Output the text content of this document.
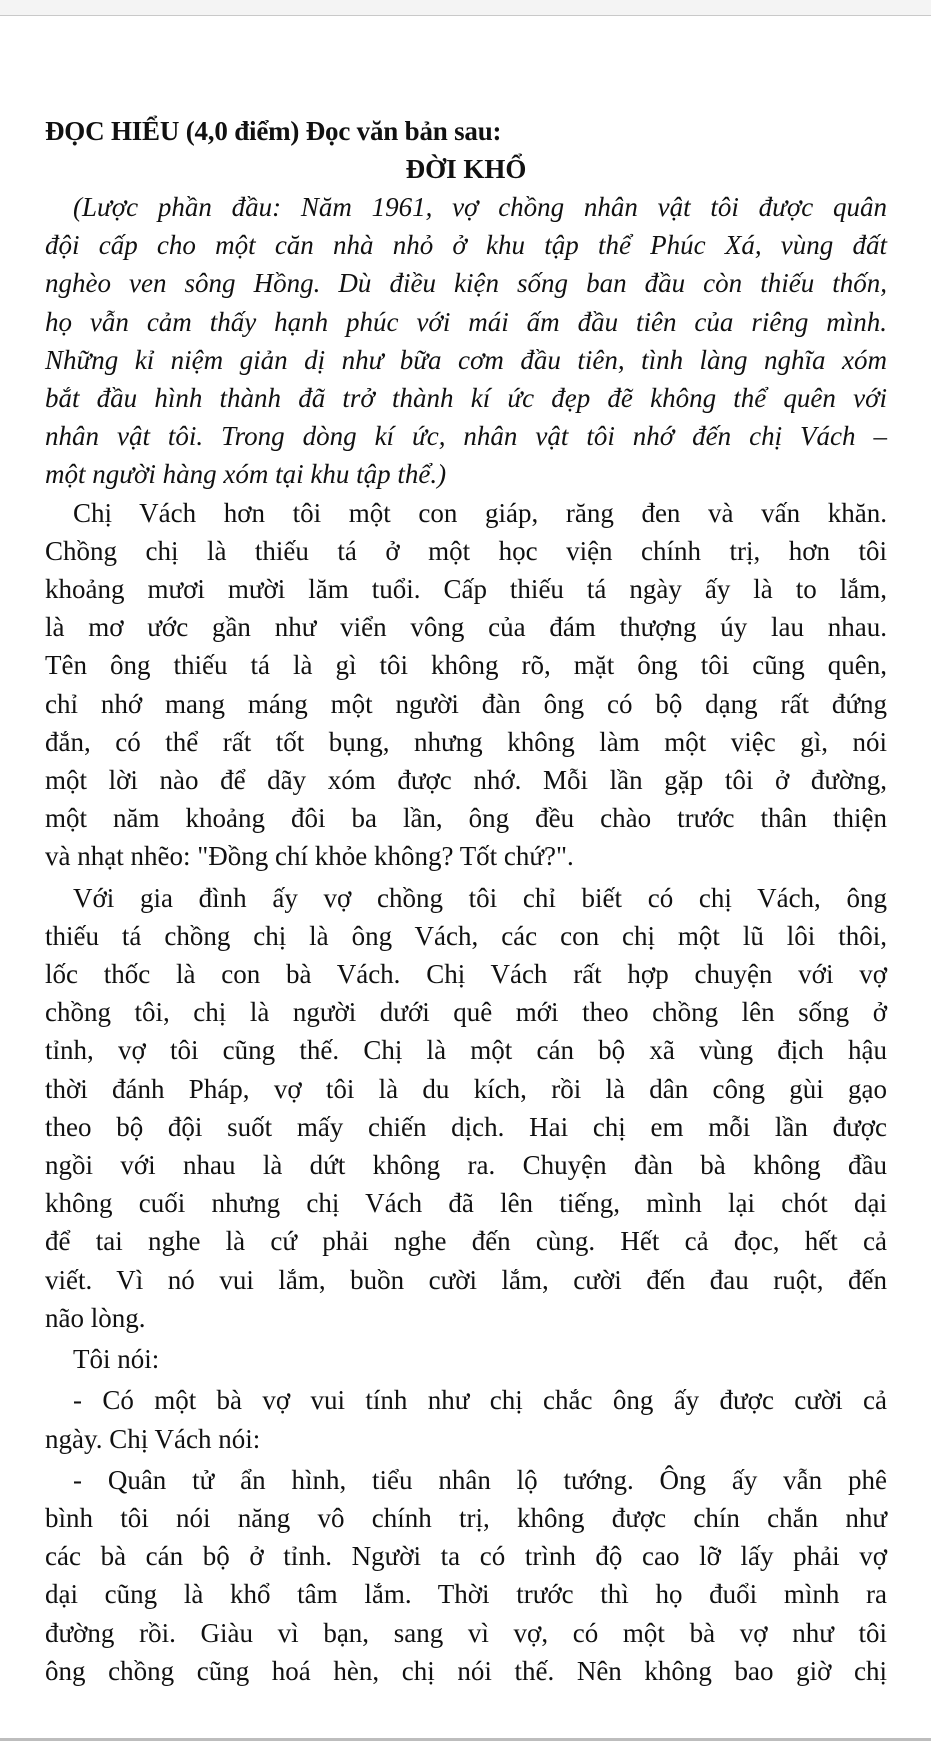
ĐỌC HIỂU (4,0 điểm) Đọc văn bản sau:
ĐỜI KHỔ
(Lược phần đầu: Năm 1961, vợ chồng nhân vật tôi được quân
đội cấp cho một căn nhà nhỏ ở khu tập thể Phúc Xá, vùng đất
nghèo ven sông Hồng. Dù điều kiện sống ban đầu còn thiếu thốn,
họ vẫn cảm thấy hạnh phúc với mái ấm đầu tiên của riêng mình.
Những kỉ niệm giản dị như bữa cơm đầu tiên, tình làng nghĩa xóm
bắt đầu hình thành đã trở thành kí ức đẹp đẽ không thể quên với
nhân vật tôi. Trong dòng kí ức, nhân vật tôi nhớ đến chị Vách –
một người hàng xóm tại khu tập thể.)
Chị Vách hơn tôi một con giáp, răng đen và vấn khăn.
Chồng chị là thiếu tá ở một học viện chính trị, hơn tôi
khoảng mươi mười lăm tuổi. Cấp thiếu tá ngày ấy là to lắm,
là mơ ước gần như viển vông của đám thượng úy lau nhau.
Tên ông thiếu tá là gì tôi không rõ, mặt ông tôi cũng quên,
chỉ nhớ mang máng một người đàn ông có bộ dạng rất đứng
đắn, có thể rất tốt bụng, nhưng không làm một việc gì, nói
một lời nào để dãy xóm được nhớ. Mỗi lần gặp tôi ở đường,
một năm khoảng đôi ba lần, ông đều chào trước thân thiện
và nhạt nhẽo: "Đồng chí khỏe không? Tốt chứ?".
Với gia đình ấy vợ chồng tôi chỉ biết có chị Vách, ông
thiếu tá chồng chị là ông Vách, các con chị một lũ lôi thôi,
lốc thốc là con bà Vách. Chị Vách rất hợp chuyện với vợ
chồng tôi, chị là người dưới quê mới theo chồng lên sống ở
tỉnh, vợ tôi cũng thế. Chị là một cán bộ xã vùng địch hậu
thời đánh Pháp, vợ tôi là du kích, rồi là dân công gùi gạo
theo bộ đội suốt mấy chiến dịch. Hai chị em mỗi lần được
ngồi với nhau là dứt không ra. Chuyện đàn bà không đầu
không cuối nhưng chị Vách đã lên tiếng, mình lại chót dại
để tai nghe là cứ phải nghe đến cùng. Hết cả đọc, hết cả
viết. Vì nó vui lắm, buồn cười lắm, cười đến đau ruột, đến
não lòng.
Tôi nói:
- Có một bà vợ vui tính như chị chắc ông ấy được cười cả
ngày. Chị Vách nói:
- Quân tử ẩn hình, tiểu nhân lộ tướng. Ông ấy vẫn phê
bình tôi nói năng vô chính trị, không được chín chắn như
các bà cán bộ ở tỉnh. Người ta có trình độ cao lỡ lấy phải vợ
dại cũng là khổ tâm lắm. Thời trước thì họ đuổi mình ra
đường rồi. Giàu vì bạn, sang vì vợ, có một bà vợ như tôi
ông chồng cũng hoá hèn, chị nói thế. Nên không bao giờ chị
